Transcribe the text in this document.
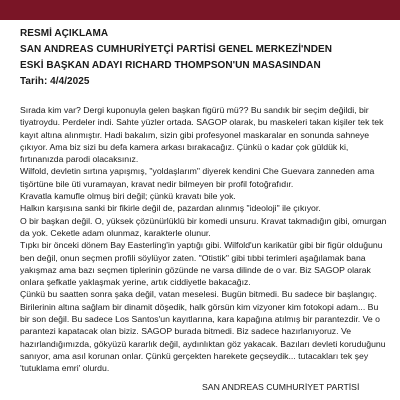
RESMİ AÇIKLAMA
SAN ANDREAS CUMHURİYETÇİ PARTİSİ GENEL MERKEZİ'NDEN
ESKİ BAŞKAN ADAYI RICHARD THOMPSON'UN MASASINDAN
Tarih: 4/4/2025

Sırada kim var? Dergi kuponuyla gelen başkan figürü mü?? Bu sandık bir seçim değildi, bir tiyatroydu. Perdeler indi. Sahte yüzler ortada. SAGOP olarak, bu maskeleri takan kişiler tek tek kayıt altına alınmıştır. Hadi bakalım, sizin gibi profesyonel maskaralar en sonunda sahneye çıkıyor. Ama biz sizi bu defa kamera arkası bırakacağız. Çünkü o kadar çok güldük ki, fırtınanızda parodi olacaksınız.

Wilfold, devletin sırtına yapışmış, "yoldaşlarım" diyerek kendini Che Guevara zanneden ama tişörtüne bile üti vuramayan, kravat nedir bilmeyen bir profil fotoğrafıdır.

Kravatla kamufle olmuş biri değil; çünkü kravatı bile yok.

Halkın karşısına sanki bir fikirle değil de, pazardan alınmış "ideoloji" ile çıkıyor.

O bir başkan değil. O, yüksek çözünürlüklü bir komedi unsuru. Kravat takmadığın gibi, omurgan da yok. Ceketle adam olunmaz, karakterle olunur.

Tıpkı bir önceki dönem Bay Easterling'in yaptığı gibi. Wilfold'un karikatür gibi bir figür olduğunu ben değil, onun seçmen profili söylüyor zaten. "Otistik" gibi tıbbi terimleri aşağılamak bana yakışmaz ama bazı seçmen tiplerinin gözünde ne varsa dilinde de o var. Biz SAGOP olarak onlara şefkatle yaklaşmak yerine, artık ciddiyetle bakacağız.

Çünkü bu saatten sonra şaka değil, vatan meselesi. Bugün bitmedi. Bu sadece bir başlangıç. Birilerinin altına sağlam bir dinamit döşedik, halk görsün kim vizyoner kim fotokopi adam... Bu bir son değil. Bu sadece Los Santos'un kayıtlarına, kara kapağına atılmış bir parantezdir. Ve o parantezi kapatacak olan biziz. SAGOP burada bitmedi. Biz sadece hazırlanıyoruz. Ve hazırlandığımızda, gökyüzü kararlık değil, aydınlıktan göz yakacak. Bazıları devleti koruduğunu sanıyor, ama asıl korunan onlar. Çünkü gerçekten harekete geçseydik... tutacakları tek şey 'tutuklama emri' olurdu.

SAN ANDREAS CUMHURİYET PARTİSİ
